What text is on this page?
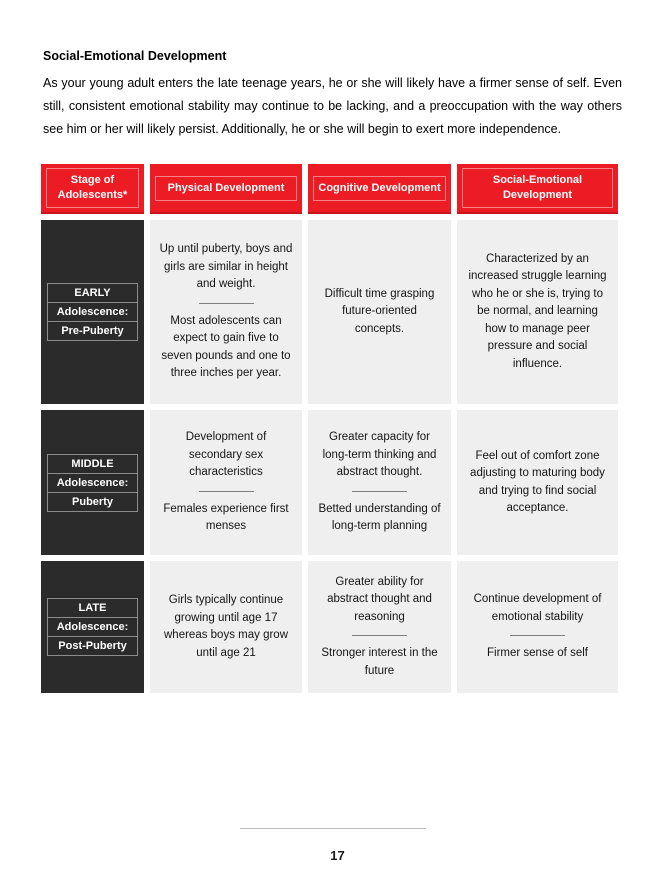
Social-Emotional Development
As your young adult enters the late teenage years, he or she will likely have a firmer sense of self. Even still, consistent emotional stability may continue to be lacking, and a preoccupation with the way others see him or her will likely persist. Additionally, he or she will begin to exert more independence.
Stage of Adolescents*
Physical Development	Cognitive Development
Social-Emotional Development
EARLY
Adolescence:
Pre-Puberty
Up until puberty, boys and girls are similar in height and weight.
Most adolescents can expect to gain five to seven pounds and one to three inches per year.
Difficult time grasping future-oriented concepts.
Characterized by an increased struggle learning who he or she is, trying to be normal, and learning how to manage peer pressure and social influence.
MIDDLE
Adolescence:
Puberty
Development of secondary sex characteristics
Females experience first menses
Greater capacity for long-term thinking and abstract thought.
Betted understanding of long-term planning
Feel out of comfort zone adjusting to maturing body and trying to find social acceptance.
LATE
Adolescence:
Post-Puberty
Girls typically continue growing until age 17 whereas boys may grow until age 21
Greater ability for abstract thought and reasoning
Stronger interest in the future
Continue development of emotional stability
Firmer sense of self
17
